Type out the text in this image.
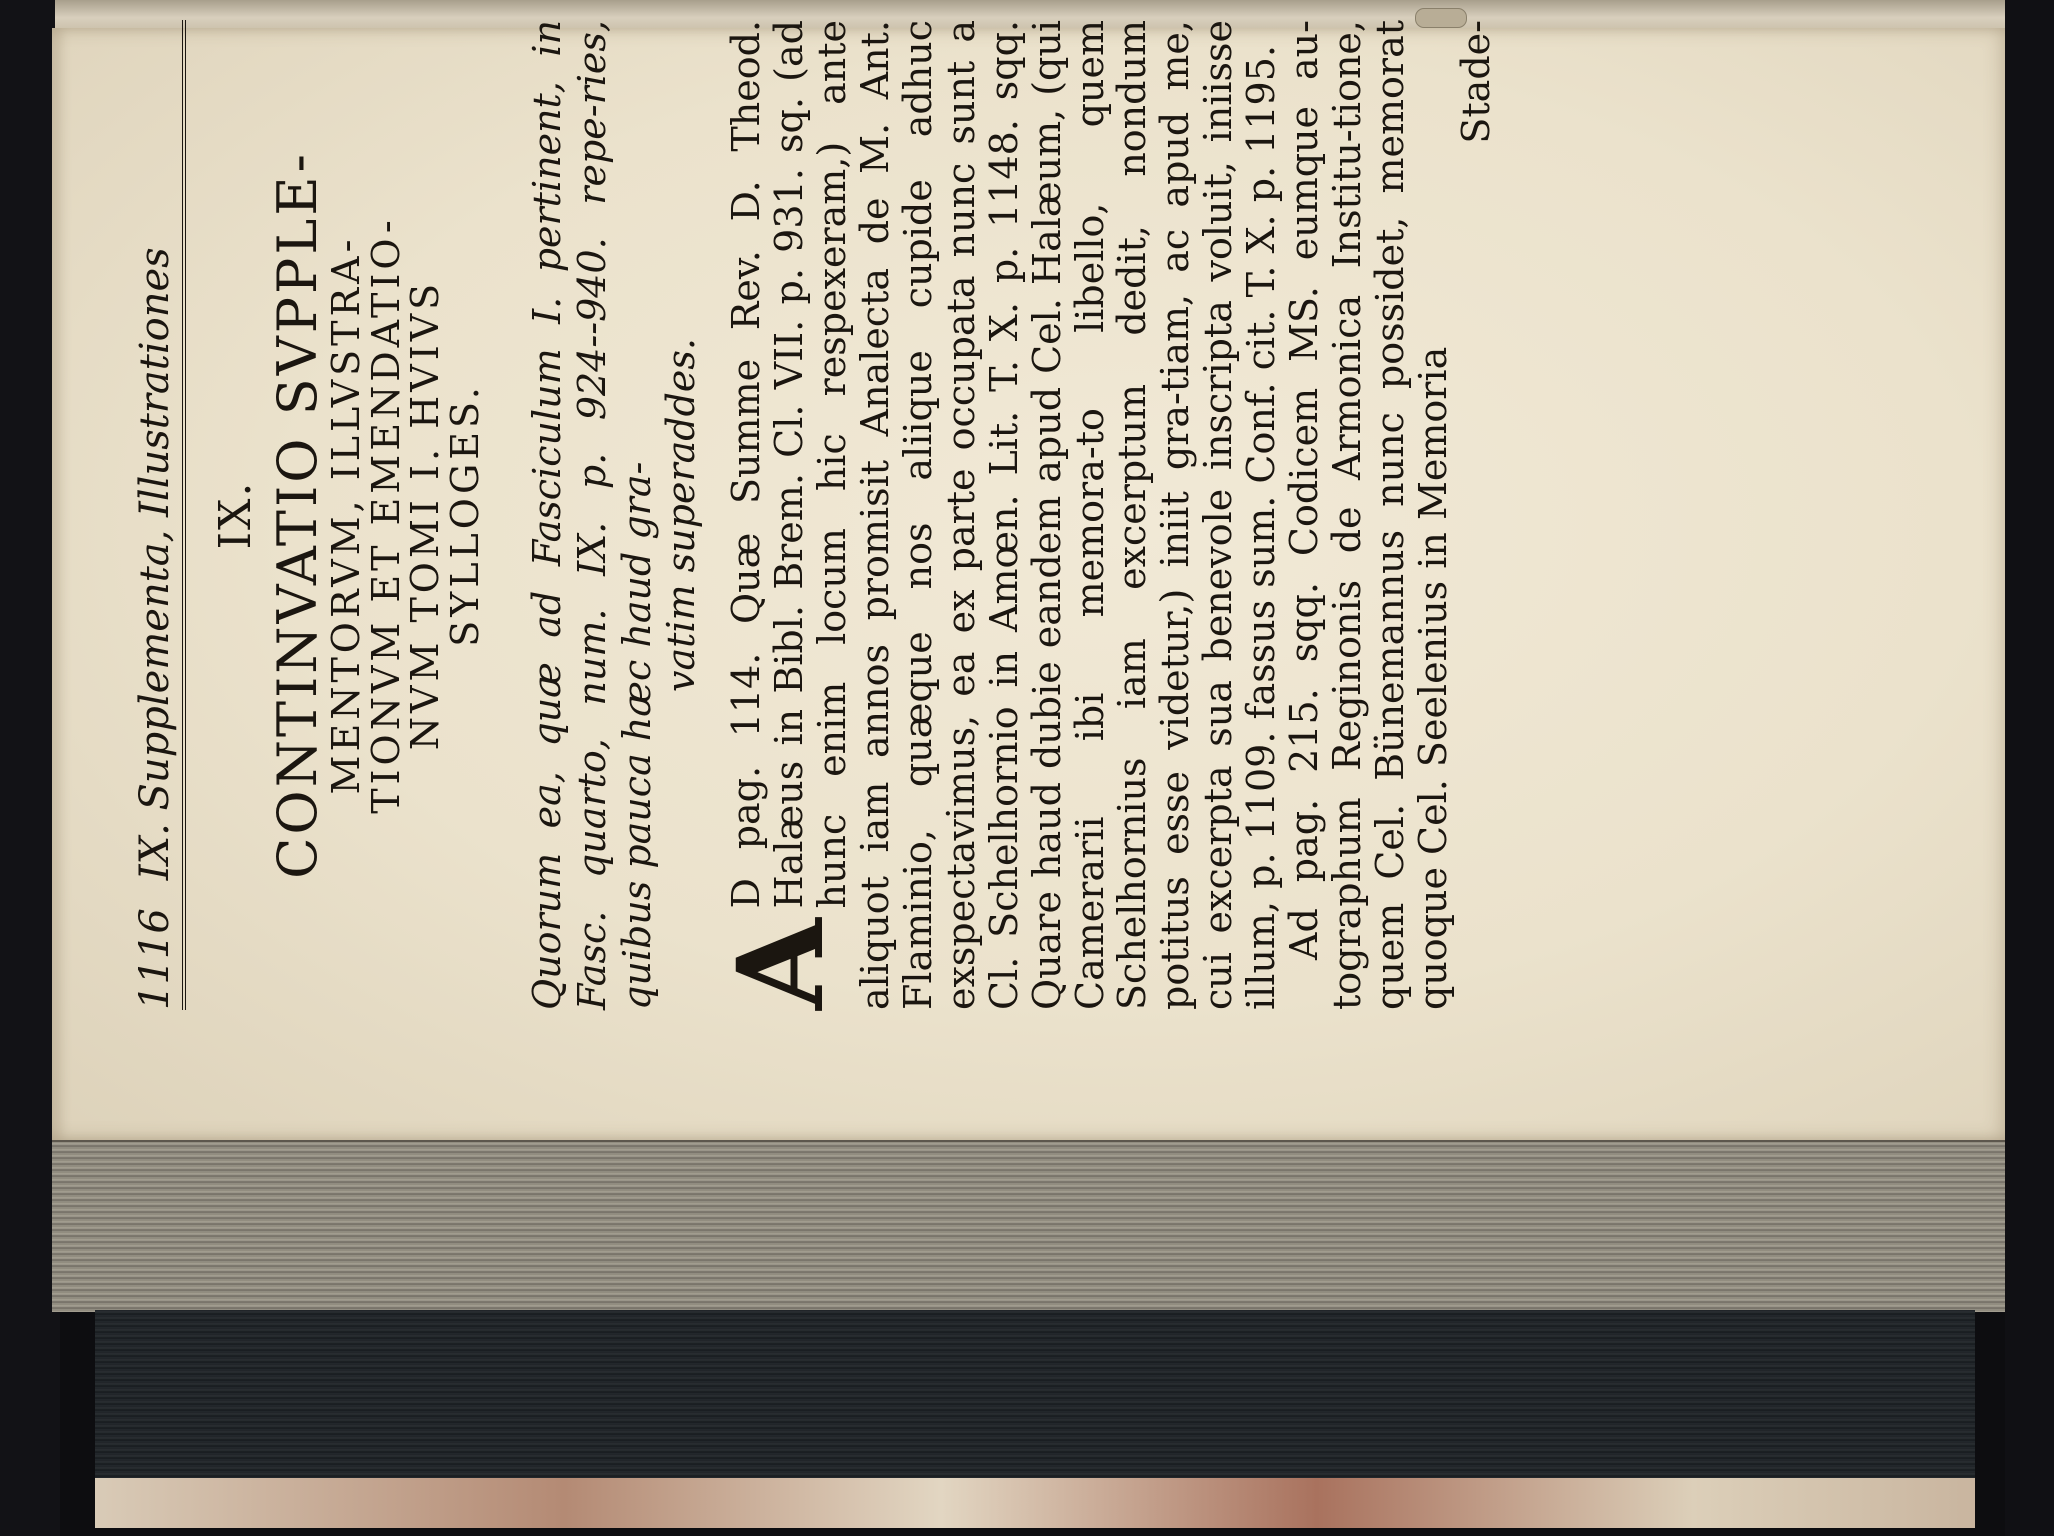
1116
IX. Supplementa, Illustrationes IX. CONTINVATIO SVPPLE-
MENTORVM, ILLVSTRA-
TIONVM ET EMENDATIO-
NVM TOMI I. HVIVS
SYLLOGES. Quorum ea, quæ ad Fasciculum I. pertinent, in Fasc. quarto, num. IX. p. 924--940. repe-ries, quibus pauca hæc haud gra- vatim superaddes.

A
D pag. 114. Quæ Summe Rev. D. Theod. Halæus in Bibl. Brem. Cl. VII. p. 931. sq. (ad hunc enim locum hic respexeram,) ante aliquot iam annos promisit Analecta de M. Ant. Flaminio, quæque nos aliique cupide adhuc exspectavimus, ea ex parte occupata nunc sunt a Cl. Schelhornio in Amœn. Lit. T. X. p. 1148. sqq. Quare haud dubie eandem apud Cel. Halæum, (qui Camerarii ibi memora-to libello, quem Schelhornius iam excerptum dedit, nondum potitus esse videtur,) iniit gra-tiam, ac apud me, cui excerpta sua benevole inscripta voluit, iniisse illum, p. 1109. fassus sum. Conf. cit. T. X. p. 1195.

Ad pag. 215. sqq. Codicem MS. eumque au-tographum Reginonis de Armonica Institu-tione, quem Cel. Bünemannus nunc possidet, memorat quoque Cel. Seelenius in Memoria

Stade-
